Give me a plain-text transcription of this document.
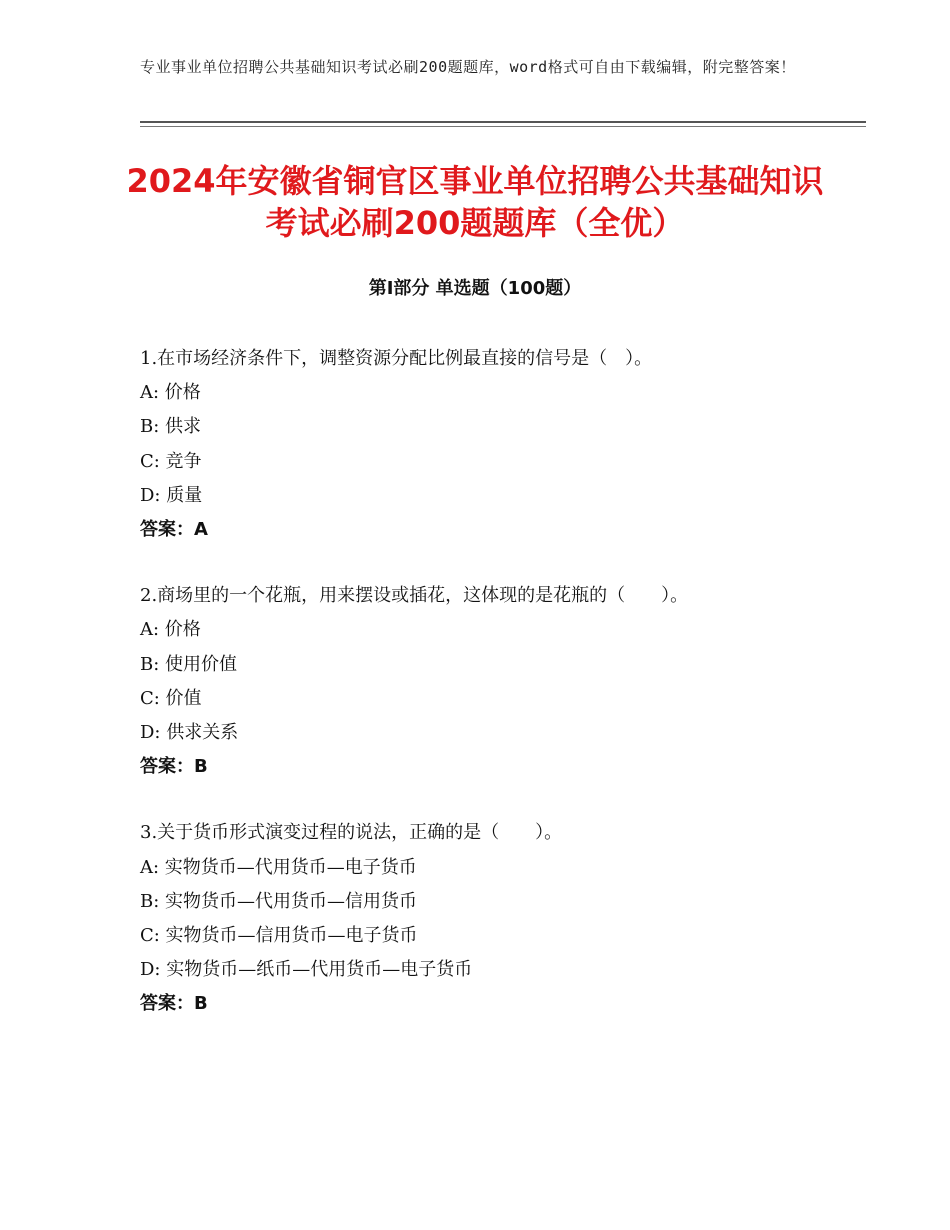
专业事业单位招聘公共基础知识考试必刷200题题库，word格式可自由下载编辑，附完整答案！
2024年安徽省铜官区事业单位招聘公共基础知识考试必刷200题题库（全优）
第Ⅰ部分 单选题（100题）
1.在市场经济条件下，调整资源分配比例最直接的信号是（　）。
A: 价格
B: 供求
C: 竞争
D: 质量
答案：A
2.商场里的一个花瓶，用来摆设或插花，这体现的是花瓶的（　　）。
A: 价格
B: 使用价值
C: 价值
D: 供求关系
答案：B
3.关于货币形式演变过程的说法，正确的是（　　）。
A: 实物货币—代用货币—电子货币
B: 实物货币—代用货币—信用货币
C: 实物货币—信用货币—电子货币
D: 实物货币—纸币—代用货币—电子货币
答案：B
